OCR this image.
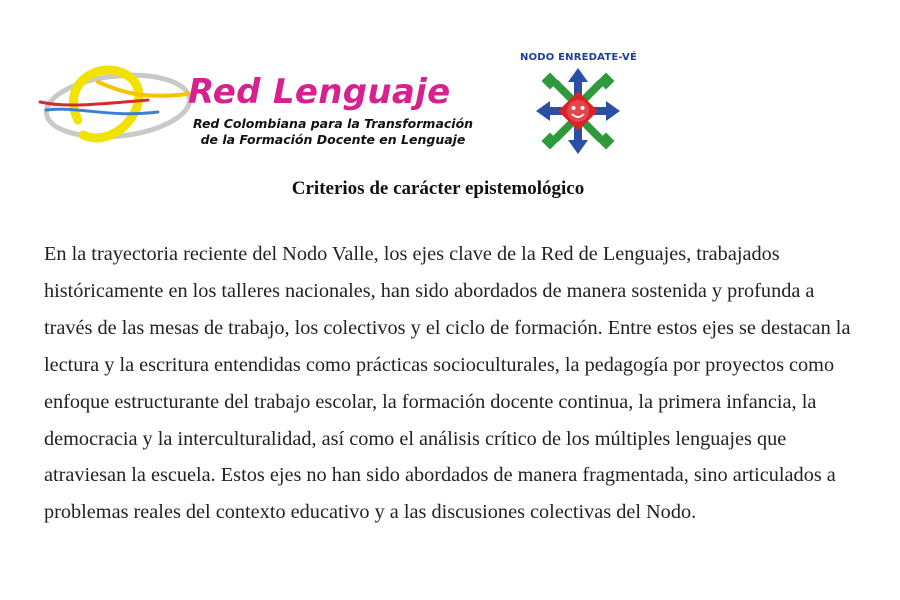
Red Lenguaje
Red Colombiana para la Transformación
de la Formación Docente en Lenguaje
NODO ENREDATE-VÉ
Criterios de carácter epistemológico

En la trayectoria reciente del Nodo Valle, los ejes clave de la Red de Lenguajes, trabajados históricamente en los talleres nacionales, han sido abordados de manera sostenida y profunda a través de las mesas de trabajo, los colectivos y el ciclo de formación. Entre estos ejes se destacan la lectura y la escritura entendidas como prácticas socioculturales, la pedagogía por proyectos como enfoque estructurante del trabajo escolar, la formación docente continua, la primera infancia, la democracia y la interculturalidad, así como el análisis crítico de los múltiples lenguajes que atraviesan la escuela. Estos ejes no han sido abordados de manera fragmentada, sino articulados a problemas reales del contexto educativo y a las discusiones colectivas del Nodo.
